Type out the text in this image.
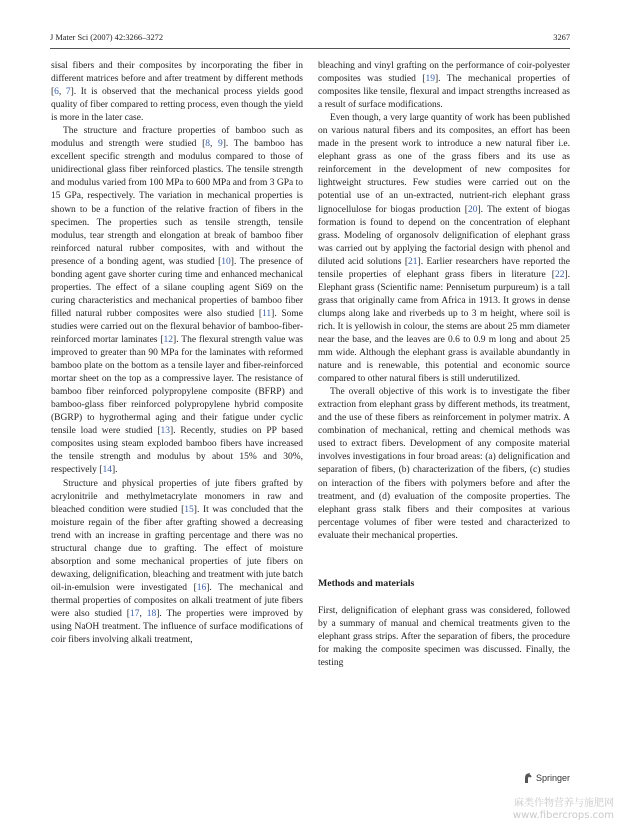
J Mater Sci (2007) 42:3266–3272	3267

sisal fibers and their composites by incorporating the fiber in different matrices before and after treatment by different methods [6, 7]. It is observed that the mechanical process yields good quality of fiber compared to retting process, even though the yield is more in the later case.

The structure and fracture properties of bamboo such as modulus and strength were studied [8, 9]. The bamboo has excellent specific strength and modulus compared to those of unidirectional glass fiber reinforced plastics. The tensile strength and modulus varied from 100 MPa to 600 MPa and from 3 GPa to 15 GPa, respectively. The variation in mechanical properties is shown to be a function of the relative fraction of fibers in the specimen. The properties such as tensile strength, tensile modulus, tear strength and elongation at break of bamboo fiber reinforced natural rubber composites, with and without the presence of a bonding agent, was studied [10]. The presence of bonding agent gave shorter curing time and enhanced mechanical properties. The effect of a silane coupling agent Si69 on the curing characteristics and mechanical properties of bamboo fiber filled natural rubber composites were also studied [11]. Some studies were carried out on the flexural behavior of bamboo-fiber-reinforced mortar laminates [12]. The flexural strength value was improved to greater than 90 MPa for the laminates with reformed bamboo plate on the bottom as a tensile layer and fiber-reinforced mortar sheet on the top as a compressive layer. The resistance of bamboo fiber reinforced polypropylene composite (BFRP) and bamboo-glass fiber reinforced polypropylene hybrid composite (BGRP) to hygrothermal aging and their fatigue under cyclic tensile load were studied [13]. Recently, studies on PP based composites using steam exploded bamboo fibers have increased the tensile strength and modulus by about 15% and 30%, respectively [14].

Structure and physical properties of jute fibers grafted by acrylonitrile and methylmetacrylate monomers in raw and bleached condition were studied [15]. It was concluded that the moisture regain of the fiber after grafting showed a decreasing trend with an increase in grafting percentage and there was no structural change due to grafting. The effect of moisture absorption and some mechanical properties of jute fibers on dewaxing, delignification, bleaching and treatment with jute batch oil-in-emulsion were investigated [16]. The mechanical and thermal properties of composites on alkali treatment of jute fibers were also studied [17, 18]. The properties were improved by using NaOH treatment. The influence of surface modifications of coir fibers involving alkali treatment,

bleaching and vinyl grafting on the performance of coir-polyester composites was studied [19]. The mechanical properties of composites like tensile, flexural and impact strengths increased as a result of surface modifications.

Even though, a very large quantity of work has been published on various natural fibers and its composites, an effort has been made in the present work to introduce a new natural fiber i.e. elephant grass as one of the grass fibers and its use as reinforcement in the development of new composites for lightweight structures. Few studies were carried out on the potential use of an un-extracted, nutrient-rich elephant grass lignocellulose for biogas production [20]. The extent of biogas formation is found to depend on the concentration of elephant grass. Modeling of organosolv delignification of elephant grass was carried out by applying the factorial design with phenol and diluted acid solutions [21]. Earlier researchers have reported the tensile properties of elephant grass fibers in literature [22]. Elephant grass (Scientific name: Pennisetum purpureum) is a tall grass that originally came from Africa in 1913. It grows in dense clumps along lake and riverbeds up to 3 m height, where soil is rich. It is yellowish in colour, the stems are about 25 mm diameter near the base, and the leaves are 0.6 to 0.9 m long and about 25 mm wide. Although the elephant grass is available abundantly in nature and is renewable, this potential and economic source compared to other natural fibers is still underutilized.

The overall objective of this work is to investigate the fiber extraction from elephant grass by different methods, its treatment, and the use of these fibers as reinforcement in polymer matrix. A combination of mechanical, retting and chemical methods was used to extract fibers. Development of any composite material involves investigations in four broad areas: (a) delignification and separation of fibers, (b) characterization of the fibers, (c) studies on interaction of the fibers with polymers before and after the treatment, and (d) evaluation of the composite properties. The elephant grass stalk fibers and their composites at various percentage volumes of fiber were tested and characterized to evaluate their mechanical properties.

Methods and materials

First, delignification of elephant grass was considered, followed by a summary of manual and chemical treatments given to the elephant grass strips. After the separation of fibers, the procedure for making the composite specimen was discussed. Finally, the testing

Springer
麻类作物营养与施肥网
www.fibercrops.com
